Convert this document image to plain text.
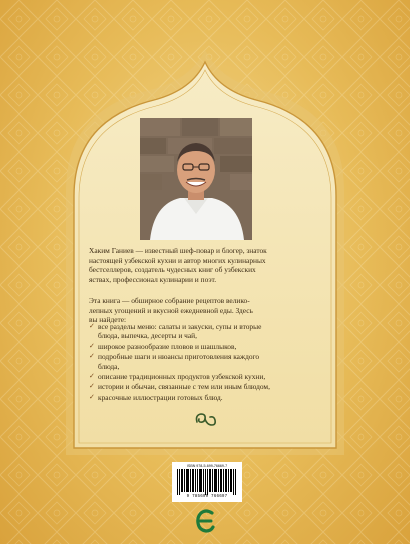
Хаким Ганиев — известный шеф-повар и блогер, знаток
настоящей узбекской кухни и автор многих кулинарных
бестселлеров, создатель чудесных книг об узбекских
яствах, профессионал кулинарии и поэт.
Эта книга — обширное собрание рецептов велико-
лепных угощений и вкусной ежедневной еды. Здесь
вы найдете:
✓ все разделы меню: салаты и закуски, супы и вторые
блюда, выпечка, десерты и чай,
✓ широкое разнообразие пловов и шашлыков,
✓ подробные шаги и нюансы приготовления каждого
блюда,
✓ описание традиционных продуктов узбекской кухни,
✓ истории и обычаи, связанные с тем или иным блюдом,
✓ красочные иллюстрации готовых блюд.
ISBN 978-5-699-76669-7
9 785699 766697
